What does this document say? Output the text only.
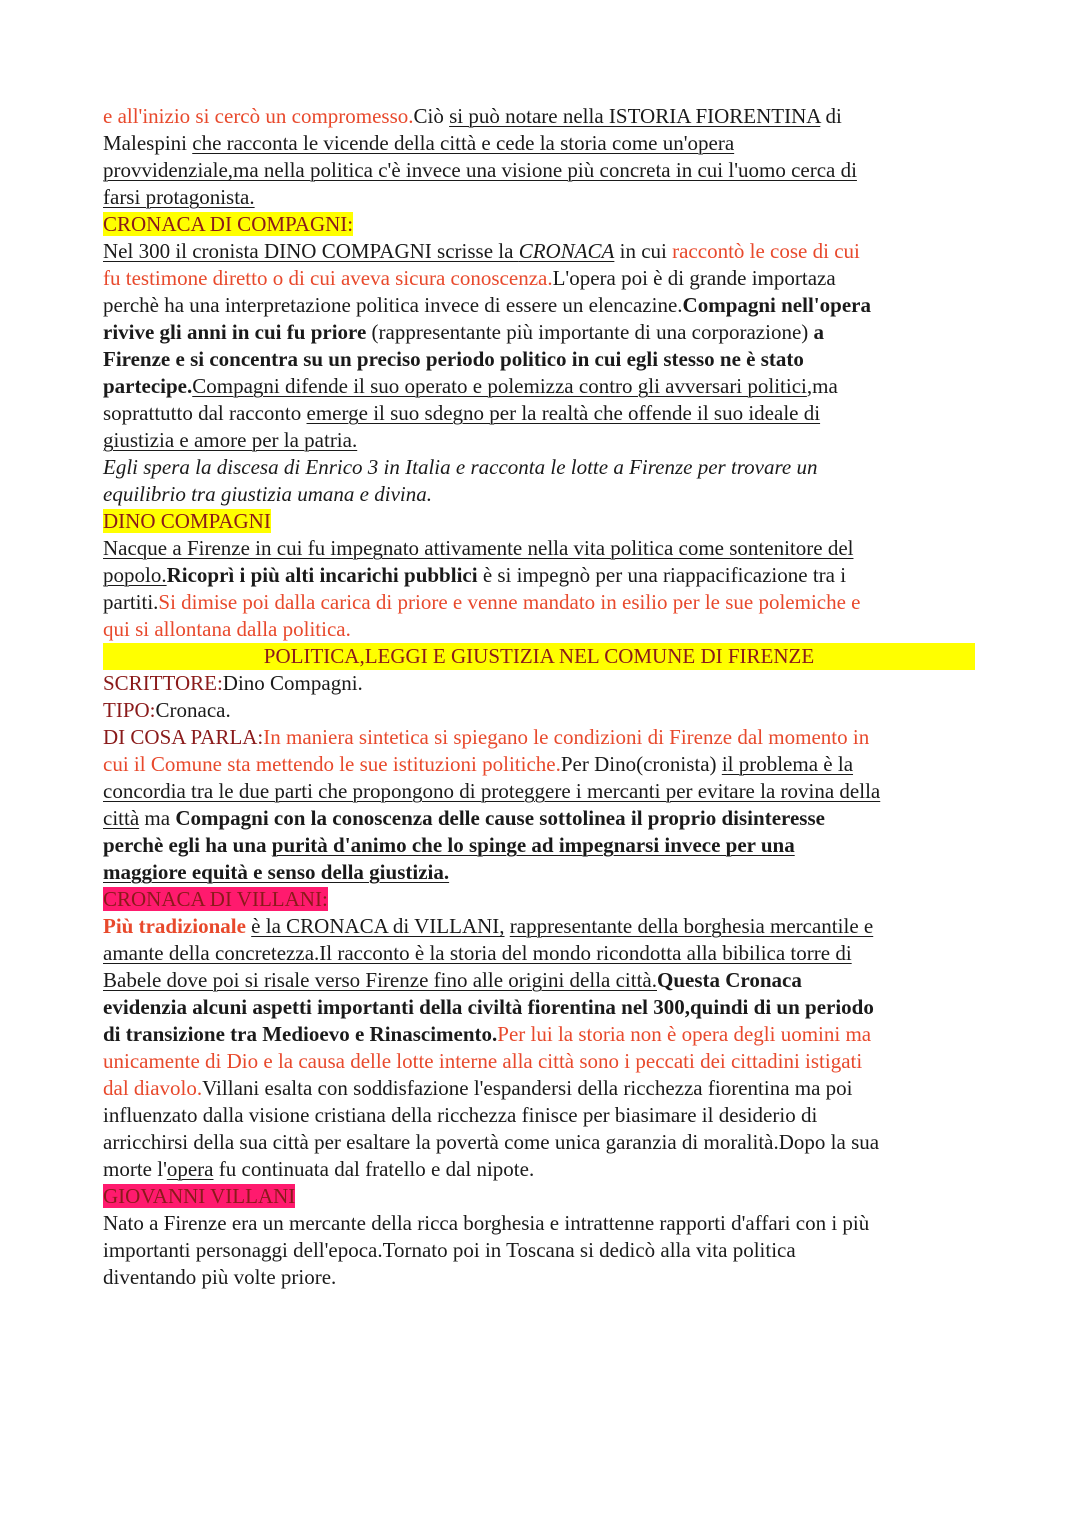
e all'inizio si cercò un compromesso.Ciò si può notare nella ISTORIA FIORENTINA di
Malespini che racconta le vicende della città e cede la storia come un'opera
provvidenziale,ma nella politica c'è invece una visione più concreta in cui l'uomo cerca di
farsi protagonista.
CRONACA DI COMPAGNI:
Nel 300 il cronista DINO COMPAGNI scrisse la CRONACA in cui raccontò le cose di cui
fu testimone diretto o di cui aveva sicura conoscenza.L'opera poi è di grande importaza
perchè ha una interpretazione politica invece di essere un elencazine.Compagni nell'opera
rivive gli anni in cui fu priore (rappresentante più importante di una corporazione) a
Firenze e si concentra su un preciso periodo politico in cui egli stesso ne è stato
partecipe.Compagni difende il suo operato e polemizza contro gli avversari politici,ma
soprattutto dal racconto emerge il suo sdegno per la realtà che offende il suo ideale di
giustizia e amore per la patria.
Egli spera la discesa di Enrico 3 in Italia e racconta le lotte a Firenze per trovare un
equilibrio tra giustizia umana e divina.
DINO COMPAGNI
Nacque a Firenze in cui fu impegnato attivamente nella vita politica come sontenitore del
popolo.Ricoprì i più alti incarichi pubblici è si impegnò per una riappacificazione tra i
partiti.Si dimise poi dalla carica di priore e venne mandato in esilio per le sue polemiche e
qui si allontana dalla politica.
POLITICA,LEGGI E GIUSTIZIA NEL COMUNE DI FIRENZE
SCRITTORE:Dino Compagni.
TIPO:Cronaca.
DI COSA PARLA:In maniera sintetica si spiegano le condizioni di Firenze dal momento in
cui il Comune sta mettendo le sue istituzioni politiche.Per Dino(cronista) il problema è la
concordia tra le due parti che propongono di proteggere i mercanti per evitare la rovina della
città ma Compagni con la conoscenza delle cause sottolinea il proprio disinteresse
perchè egli ha una purità d'animo che lo spinge ad impegnarsi invece per una
maggiore equità e senso della giustizia.
CRONACA DI VILLANI:
Più tradizionale è la CRONACA di VILLANI, rappresentante della borghesia mercantile e
amante della concretezza.Il racconto è la storia del mondo ricondotta alla bibilica torre di
Babele dove poi si risale verso Firenze fino alle origini della città.Questa Cronaca
evidenzia alcuni aspetti importanti della civiltà fiorentina nel 300,quindi di un periodo
di transizione tra Medioevo e Rinascimento.Per lui la storia non è opera degli uomini ma
unicamente di Dio e la causa delle lotte interne alla città sono i peccati dei cittadini istigati
dal diavolo.Villani esalta con soddisfazione l'espandersi della ricchezza fiorentina ma poi
influenzato dalla visione cristiana della ricchezza finisce per biasimare il desiderio di
arricchirsi della sua città per esaltare la povertà come unica garanzia di moralità.Dopo la sua
morte l'opera fu continuata dal fratello e dal nipote.
GIOVANNI VILLANI
Nato a Firenze era un mercante della ricca borghesia e intrattenne rapporti d'affari con i più
importanti personaggi dell'epoca.Tornato poi in Toscana si dedicò alla vita politica
diventando più volte priore.
